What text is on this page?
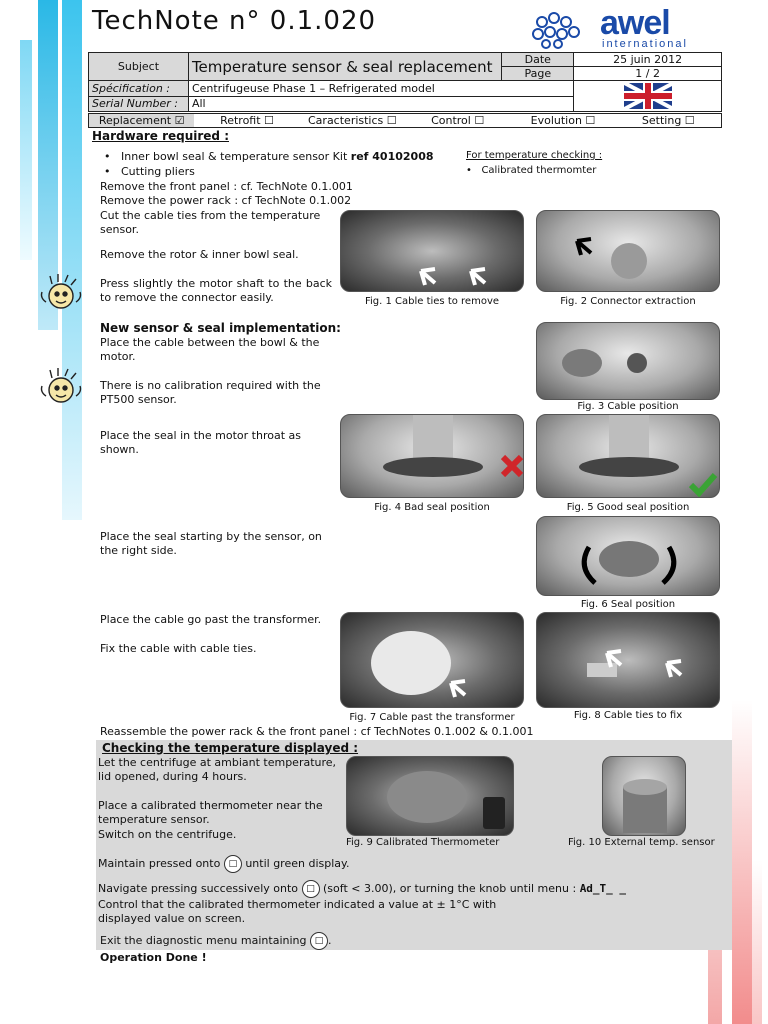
TechNote n° 0.1.020	awel
international
Subject	Temperature sensor & seal replacement	Date	25 juin 2012
		Page	1 / 2
Spécification :	Centrifugeuse Phase 1 – Refrigerated model		

Serial Number :	All		
Replacement ☑	Retrofit ☐	Caracteristics ☐	Control ☐	Evolution ☐	Setting ☐
Hardware required :
•   Inner bowl seal & temperature sensor Kit ref 40102008
•   Cutting pliers
For temperature checking :
•   Calibrated thermomter
Remove the front panel : cf. TechNote 0.1.001
Remove the power rack : cf TechNote 0.1.002
Cut the cable ties from the temperature sensor.
Remove the rotor & inner bowl seal.
Press slightly the motor shaft to the back to remove the connector easily.
New sensor & seal implementation:
Place the cable between the bowl & the motor.
There is no calibration required with the PT500 sensor.
Place the seal in the motor throat as shown.
Place the seal starting by the sensor, on the right side.
Place the cable go past the transformer.
Fix the cable with cable ties.
Reassemble the power rack & the front panel : cf TechNotes 0.1.002 & 0.1.001
Fig. 1 Cable ties to remove	Fig. 2 Connector extraction
Fig. 3 Cable position
Fig. 4 Bad seal position	Fig. 5 Good seal position
Fig. 6 Seal position
Fig. 7 Cable past the transformer	Fig. 8 Cable ties to fix
Checking the temperature displayed :
Let the centrifuge at ambiant temperature, lid opened, during 4 hours.
Place a calibrated thermometer near the temperature sensor.
Switch on the centrifuge.
Fig. 9 Calibrated Thermometer	Fig. 10 External temp. sensor
Maintain pressed onto □ until green display.
Navigate pressing successively onto □ (soft < 3.00), or turning the knob until menu : Ad_T_ _
Control that the calibrated thermometer indicated a value at ± 1°C with displayed value on screen.
Exit the diagnostic menu maintaining □ .
Operation Done !
